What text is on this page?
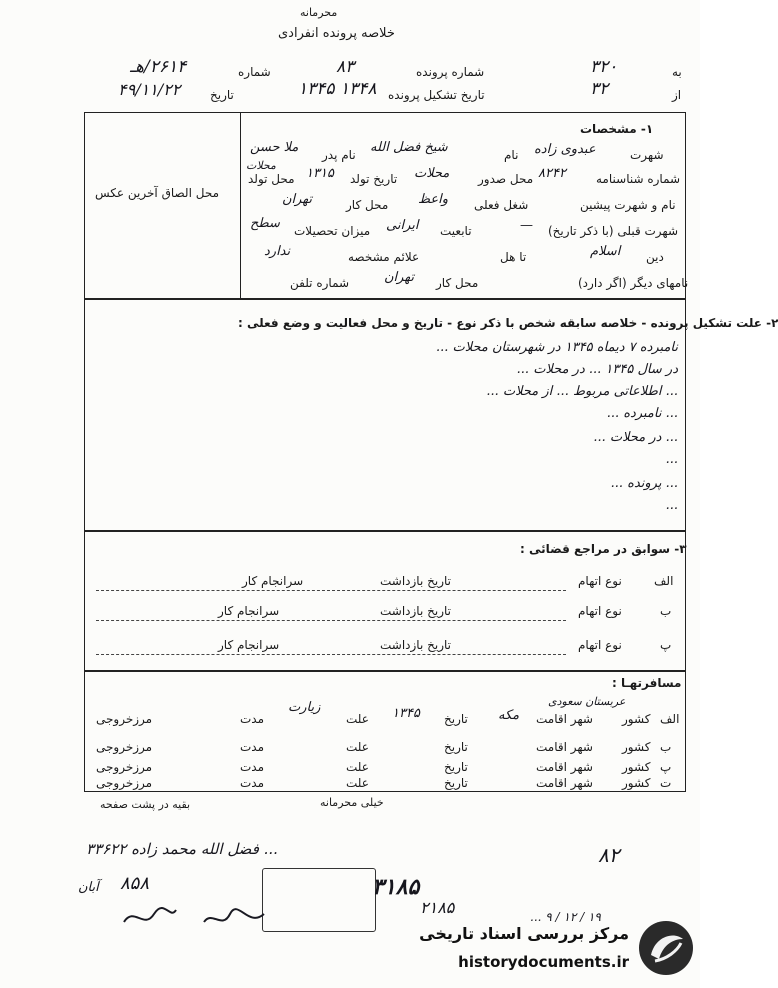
محرمانه
خلاصه پرونده انفرادی
شماره
۲۶۱۴/هـ
تاریخ
۴۹/۱۱/۲۲
شماره پرونده
۸۳
تاریخ تشکیل پرونده
۱۳۴۸ ۱۳۴۵
به
۳۲۰
از
۳۲
محل الصاق آخرین عکس
۱- مشخصات
شهرت
عبدوی زاده
نام
شیخ فضل الله
نام پدر
ملا حسن
شماره شناسنامه
۸۲۴۲
محل صدور
محلات
تاریخ تولد
۱۳۱۵
محل تولد
محلات
نام و شهرت پیشین
شغل فعلی
واعظ
محل کار
تهران
شهرت قبلی (با ذکر تاریخ)
—
تابعیت
ایرانی
میزان تحصیلات
سطح
دین
اسلام
تا هل
علائم مشخصه
ندارد
نامهای دیگر (اگر دارد)
محل کار
تهران
شماره تلفن
۲- علت تشکیل پرونده - خلاصه سابقه شخص با ذکر نوع - تاریخ و محل فعالیت و وضع فعلی :
نامبرده ۷ دیماه ۱۳۴۵ در شهرستان محلات ...
در سال ۱۳۴۵ ... در محلات ...
... اطلاعاتی مربوط ... از محلات ...
... نامبرده ...
... در محلات ...
...
... پرونده ...
...
۳- سوابق در مراجع قضائی :
الف
نوع اتهام
تاریخ بازداشت
سرانجام کار
ب
نوع اتهام
تاریخ بازداشت
سرانجام کار
پ
نوع اتهام
تاریخ بازداشت
سرانجام کار
مسافرتهـا :
الف
کشور
عربستان سعودی
شهر اقامت
مکه
تاریخ
۱۳۴۵
علت
زیارت
مدت
مرزخروجی
ب
کشور
شهر اقامت
تاریخ
علت
مدت
مرزخروجی
پ
کشور
شهر اقامت
تاریخ
علت
مدت
مرزخروجی
ت
کشور
شهر اقامت
تاریخ
علت
مدت
مرزخروجی
خیلی محرمانه
بقیه در پشت صفحه
۸۲
... فضل الله محمد زاده ۳۳۶۲۲
۸۵۸
آبان
۱۹ / ۱۲ / ۹ ...
۳۱۸۵
۲۱۸۵
مرکز بررسی اسناد تاریخی
historydocuments.ir
